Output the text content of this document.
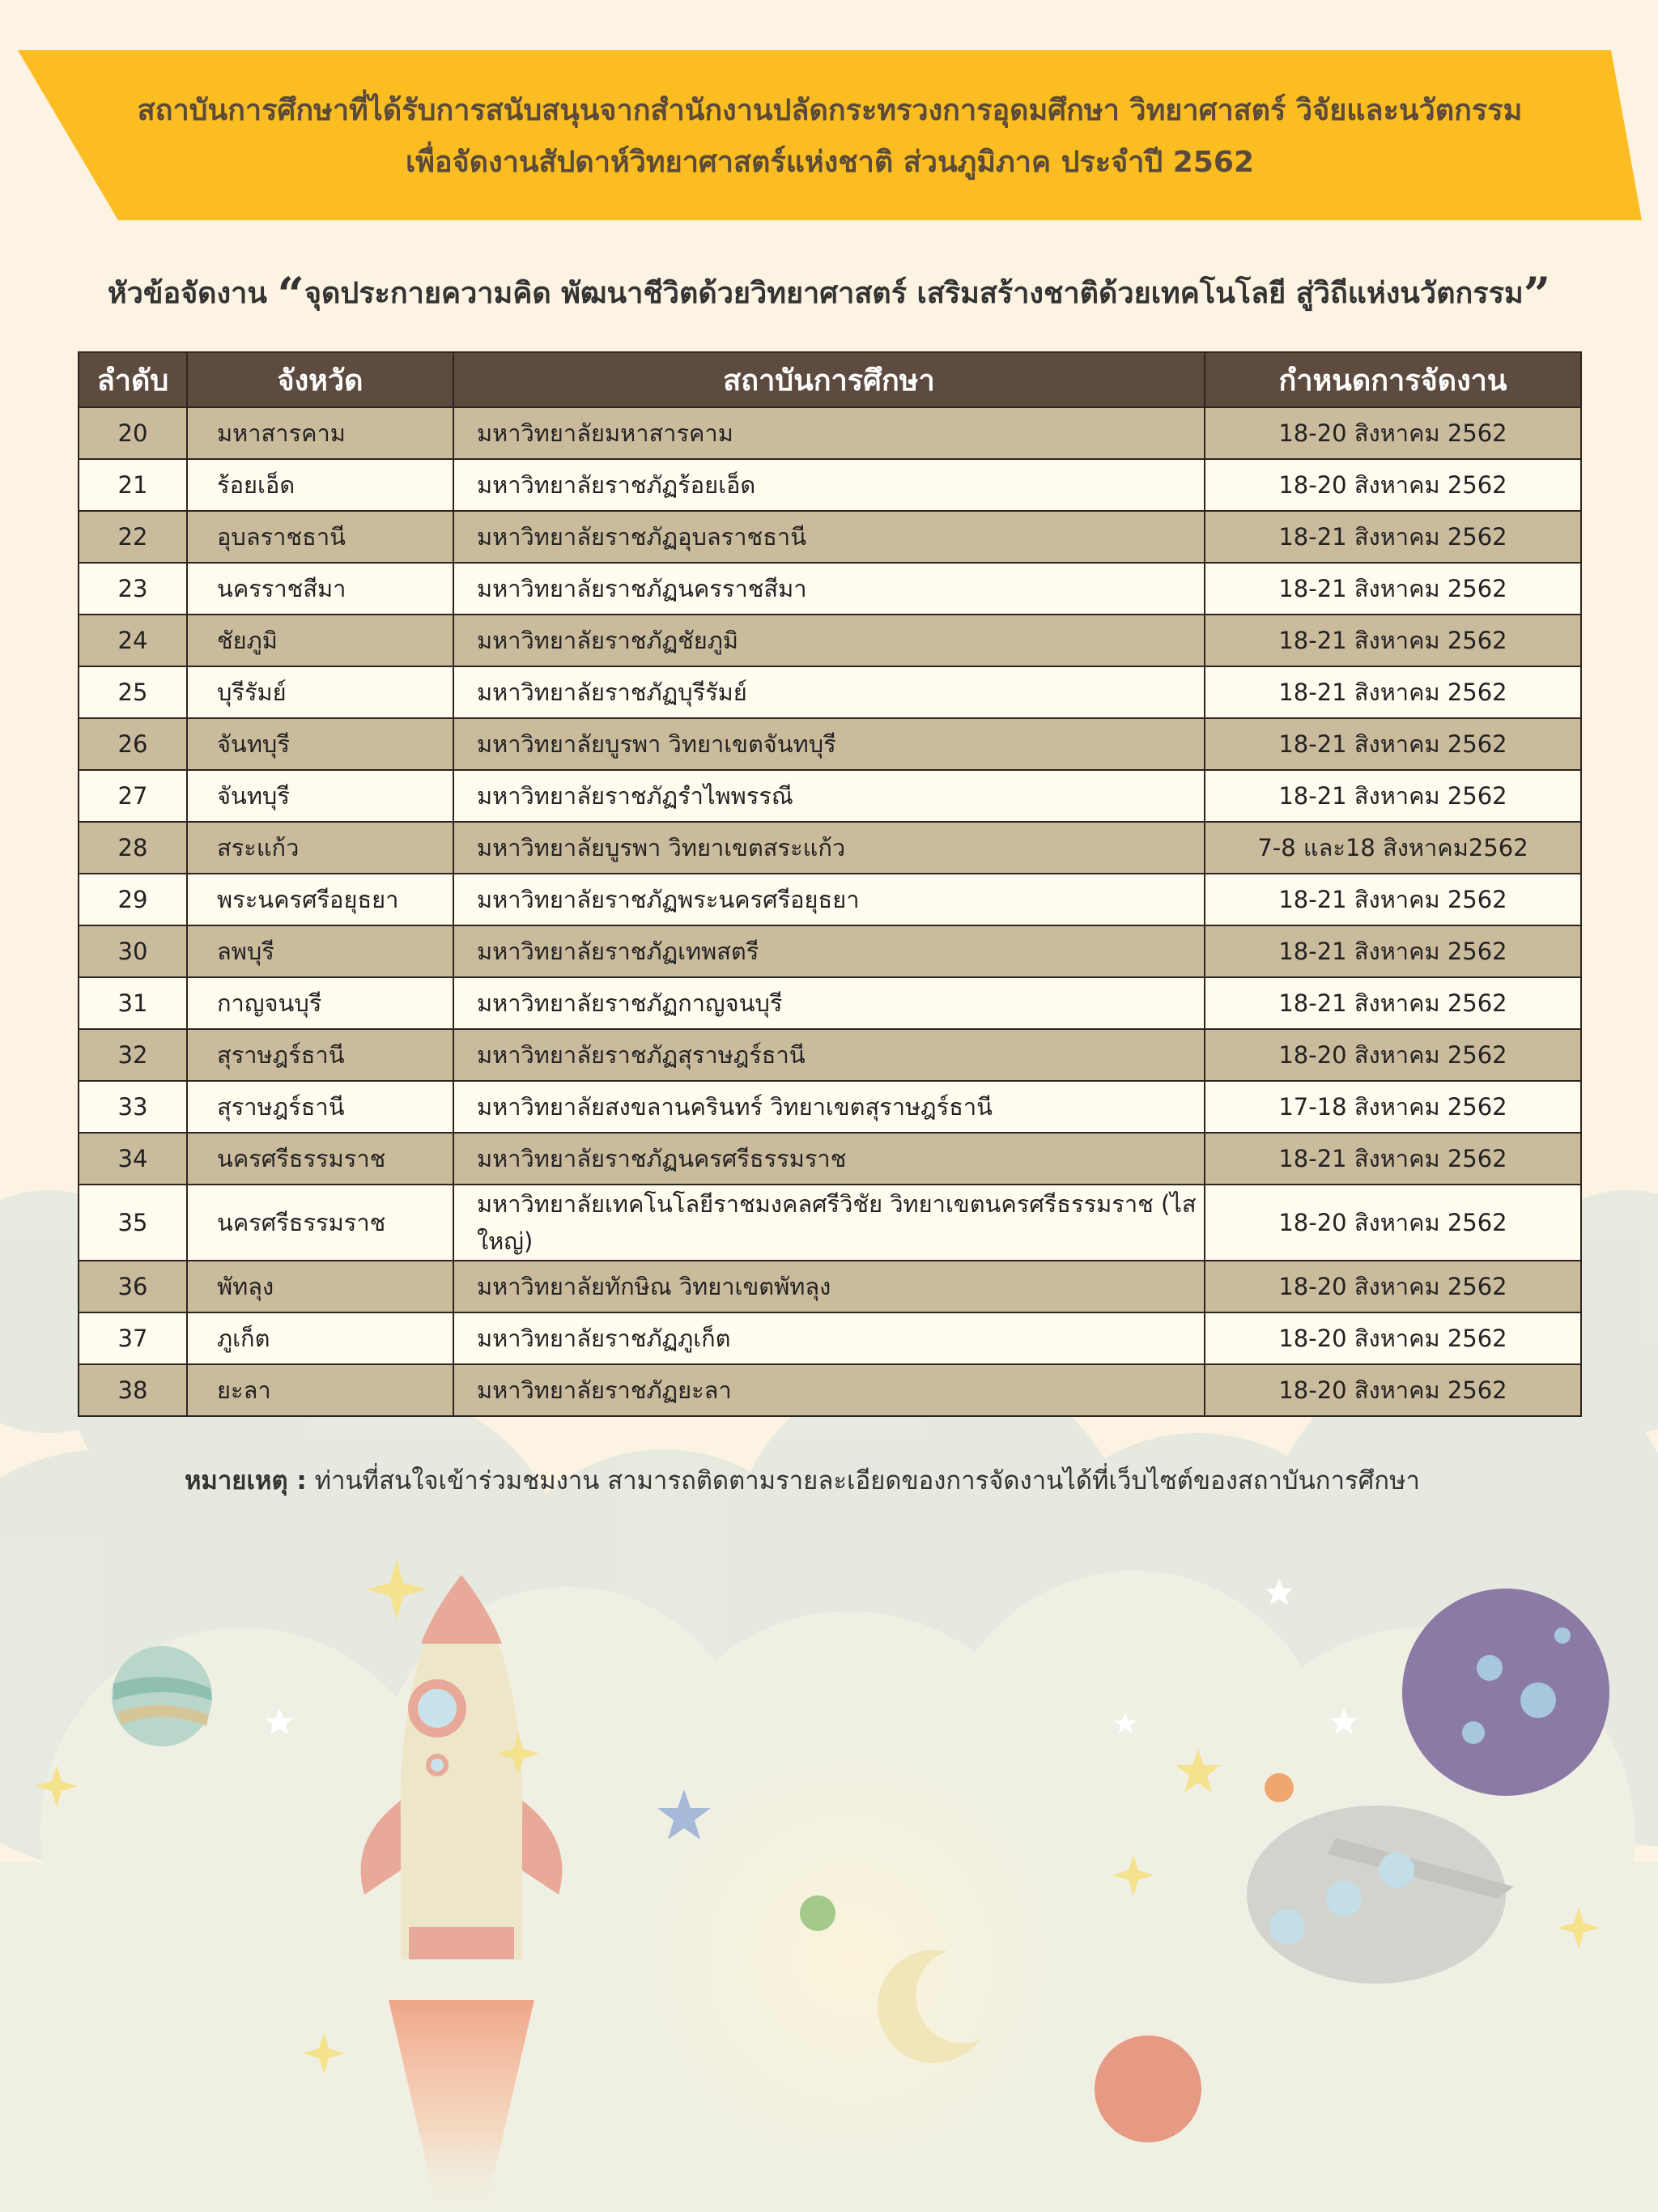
สถาบันการศึกษาที่ได้รับการสนับสนุนจากสำนักงานปลัดกระทรวงการอุดมศึกษา วิทยาศาสตร์ วิจัยและนวัตกรรม
เพื่อจัดงานสัปดาห์วิทยาศาสตร์แห่งชาติ ส่วนภูมิภาค ประจำปี 2562
หัวข้อจัดงาน “จุดประกายความคิด พัฒนาชีวิตด้วยวิทยาศาสตร์ เสริมสร้างชาติด้วยเทคโนโลยี สู่วิถีแห่งนวัตกรรม”
ลำดับ	จังหวัด	สถาบันการศึกษา	กำหนดการจัดงาน
20	มหาสารคาม	มหาวิทยาลัยมหาสารคาม	18-20 สิงหาคม 2562
21	ร้อยเอ็ด	มหาวิทยาลัยราชภัฏร้อยเอ็ด	18-20 สิงหาคม 2562
22	อุบลราชธานี	มหาวิทยาลัยราชภัฏอุบลราชธานี	18-21 สิงหาคม 2562
23	นครราชสีมา	มหาวิทยาลัยราชภัฏนครราชสีมา	18-21 สิงหาคม 2562
24	ชัยภูมิ	มหาวิทยาลัยราชภัฏชัยภูมิ	18-21 สิงหาคม 2562
25	บุรีรัมย์	มหาวิทยาลัยราชภัฏบุรีรัมย์	18-21 สิงหาคม 2562
26	จันทบุรี	มหาวิทยาลัยบูรพา วิทยาเขตจันทบุรี	18-21 สิงหาคม 2562
27	จันทบุรี	มหาวิทยาลัยราชภัฏรำไพพรรณี	18-21 สิงหาคม 2562
28	สระแก้ว	มหาวิทยาลัยบูรพา วิทยาเขตสระแก้ว	7-8 และ18 สิงหาคม2562
29	พระนครศรีอยุธยา	มหาวิทยาลัยราชภัฏพระนครศรีอยุธยา	18-21 สิงหาคม 2562
30	ลพบุรี	มหาวิทยาลัยราชภัฏเทพสตรี	18-21 สิงหาคม 2562
31	กาญจนบุรี	มหาวิทยาลัยราชภัฏกาญจนบุรี	18-21 สิงหาคม 2562
32	สุราษฎร์ธานี	มหาวิทยาลัยราชภัฏสุราษฎร์ธานี	18-20 สิงหาคม 2562
33	สุราษฎร์ธานี	มหาวิทยาลัยสงขลานครินทร์ วิทยาเขตสุราษฎร์ธานี	17-18 สิงหาคม 2562
34	นครศรีธรรมราช	มหาวิทยาลัยราชภัฏนครศรีธรรมราช	18-21 สิงหาคม 2562
35	นครศรีธรรมราช	มหาวิทยาลัยเทคโนโลยีราชมงคลศรีวิชัย วิทยาเขตนครศรีธรรมราช (ไสใหญ่)	18-20 สิงหาคม 2562
36	พัทลุง	มหาวิทยาลัยทักษิณ วิทยาเขตพัทลุง	18-20 สิงหาคม 2562
37	ภูเก็ต	มหาวิทยาลัยราชภัฏภูเก็ต	18-20 สิงหาคม 2562
38	ยะลา	มหาวิทยาลัยราชภัฏยะลา	18-20 สิงหาคม 2562
หมายเหตุ : ท่านที่สนใจเข้าร่วมชมงาน สามารถติดตามรายละเอียดของการจัดงานได้ที่เว็บไซต์ของสถาบันการศึกษา
